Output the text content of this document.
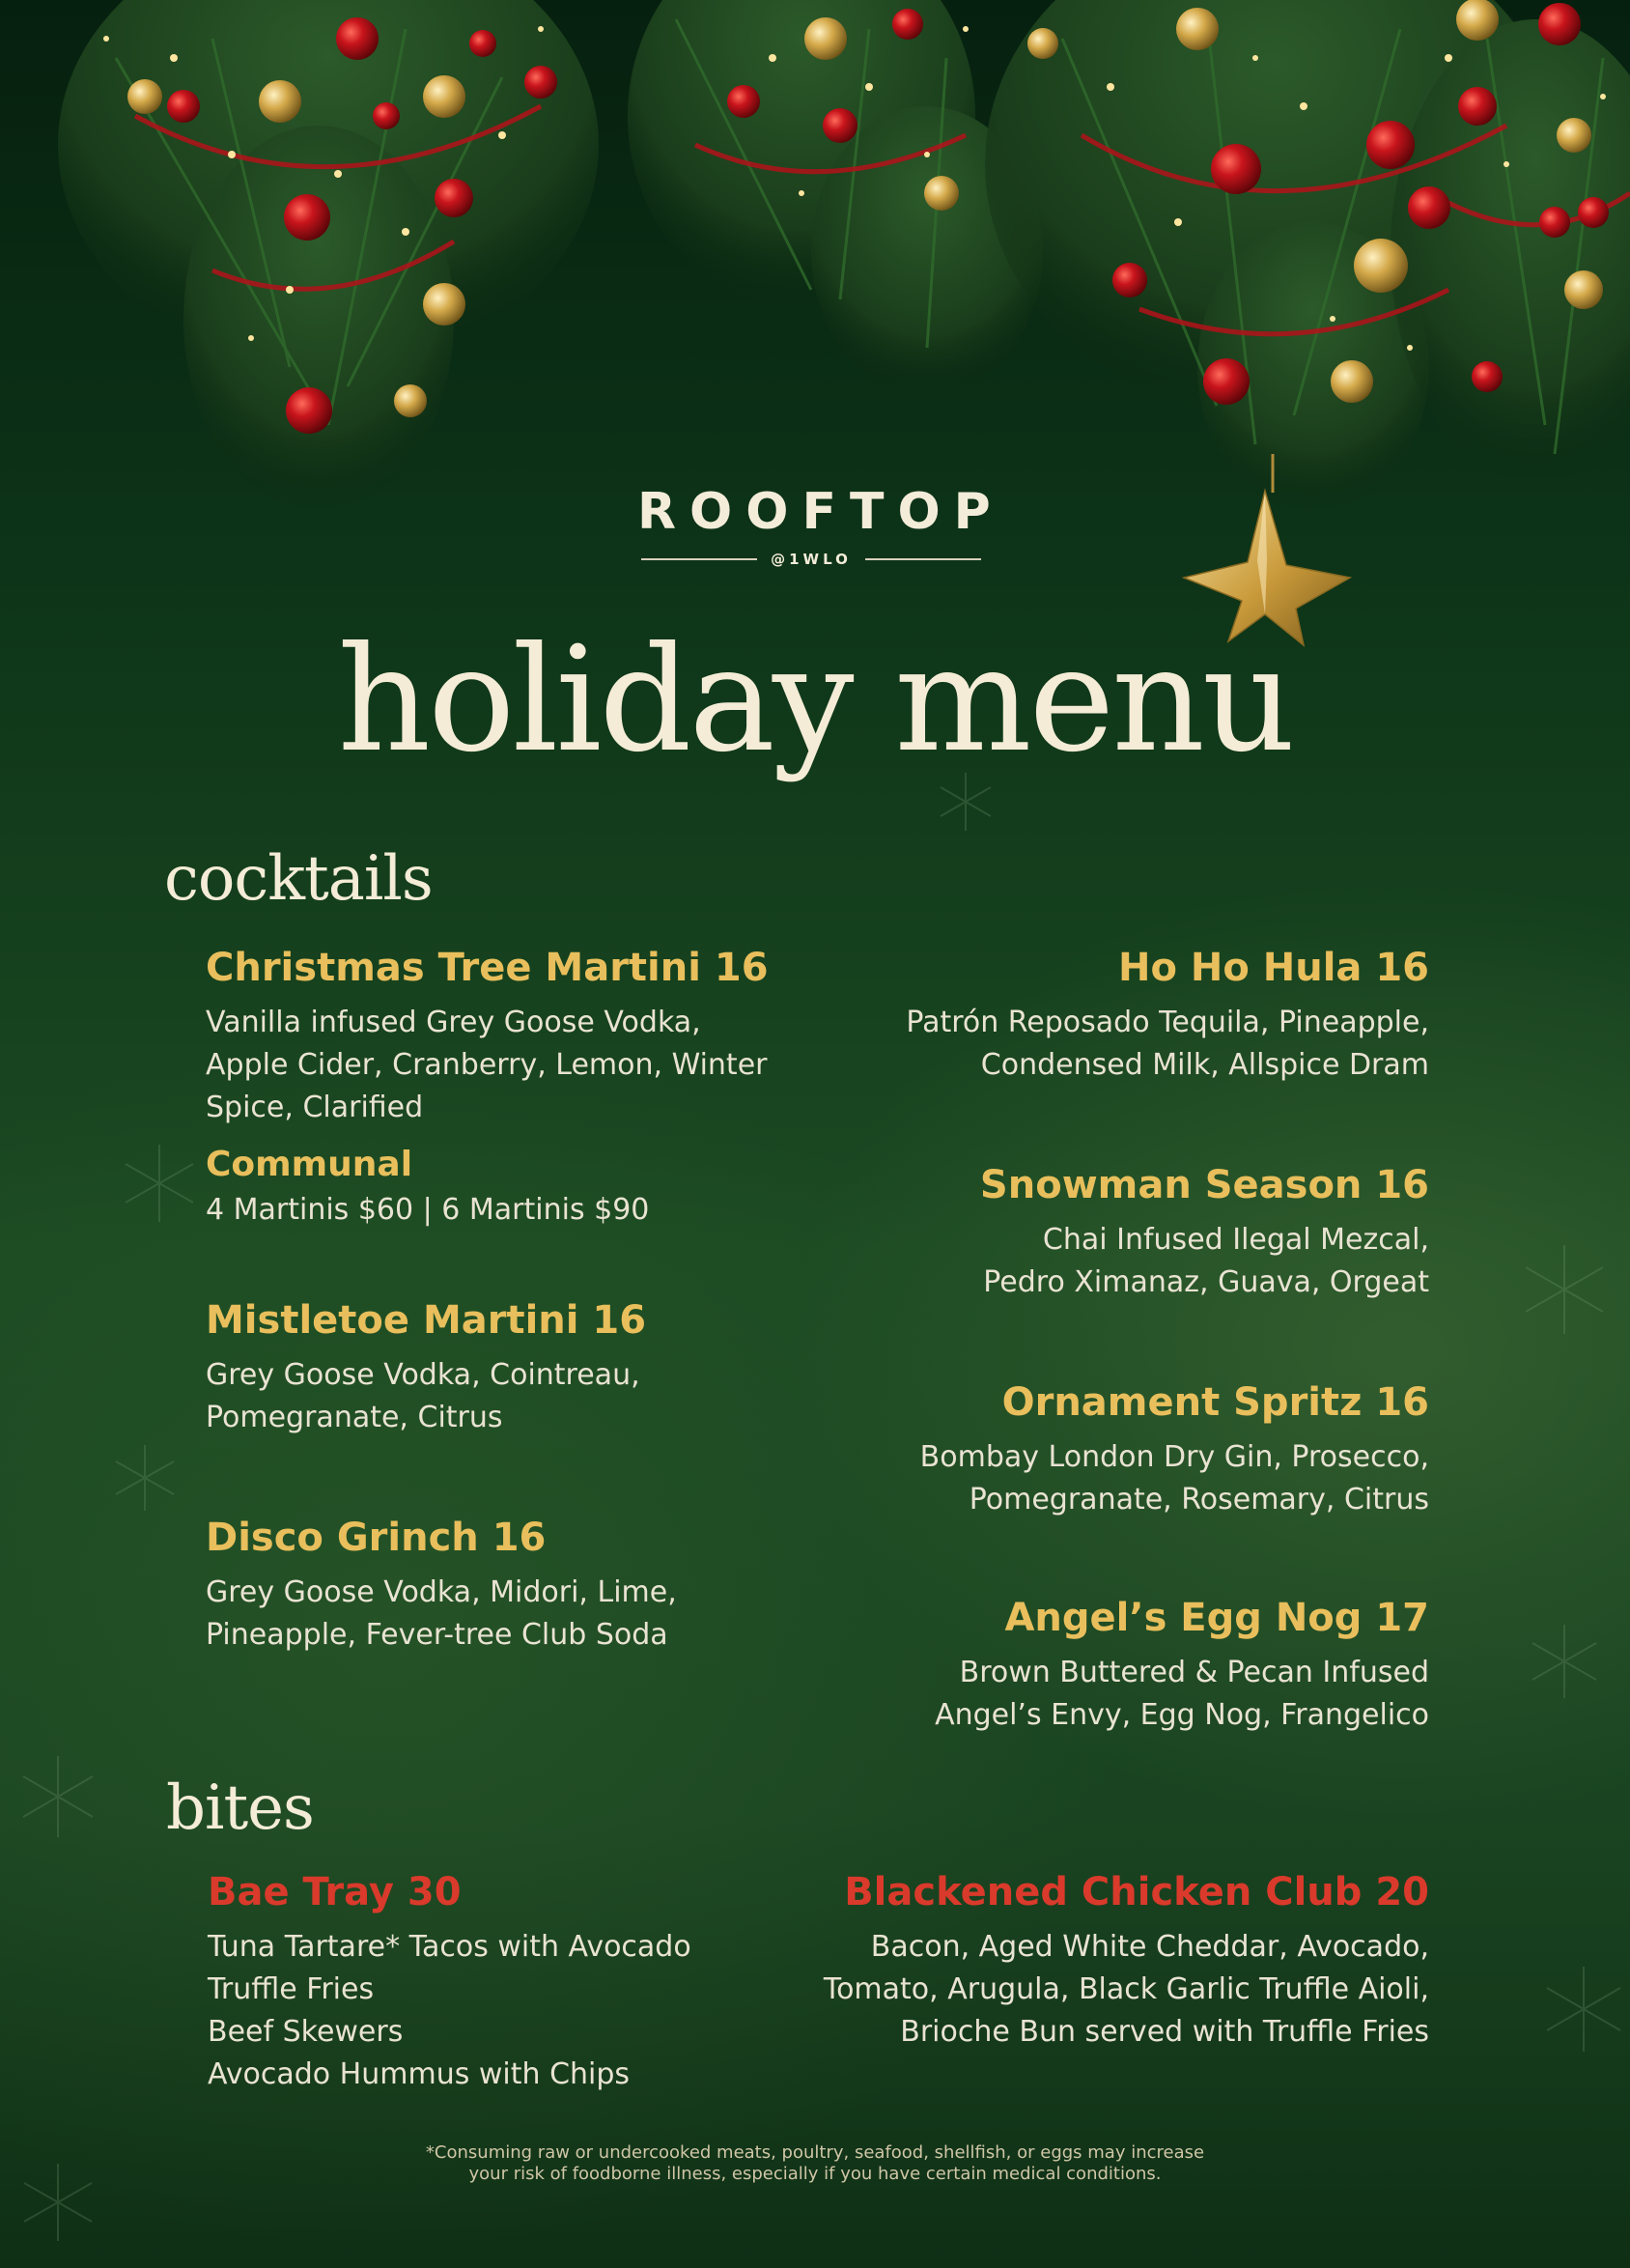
ROOFTOP
@1WLO
holiday menu
cocktails
Christmas Tree Martini 16
Vanilla infused Grey Goose Vodka,
Apple Cider, Cranberry, Lemon, Winter
Spice, Clarified
Communal
4 Martinis $60 | 6 Martinis $90
Mistletoe Martini 16
Grey Goose Vodka, Cointreau,
Pomegranate, Citrus
Disco Grinch 16
Grey Goose Vodka, Midori, Lime,
Pineapple, Fever-tree Club Soda
Ho Ho Hula 16
Patrón Reposado Tequila, Pineapple,
Condensed Milk, Allspice Dram
Snowman Season 16
Chai Infused Ilegal Mezcal,
Pedro Ximanaz, Guava, Orgeat
Ornament Spritz 16
Bombay London Dry Gin, Prosecco,
Pomegranate, Rosemary, Citrus
Angel’s Egg Nog 17
Brown Buttered & Pecan Infused
Angel’s Envy, Egg Nog, Frangelico
bites
Bae Tray 30
Tuna Tartare* Tacos with Avocado
Truffle Fries
Beef Skewers
Avocado Hummus with Chips
Blackened Chicken Club 20
Bacon, Aged White Cheddar, Avocado,
Tomato, Arugula, Black Garlic Truffle Aioli,
Brioche Bun served with Truffle Fries
*Consuming raw or undercooked meats, poultry, seafood, shellfish, or eggs may increase
your risk of foodborne illness, especially if you have certain medical conditions.
